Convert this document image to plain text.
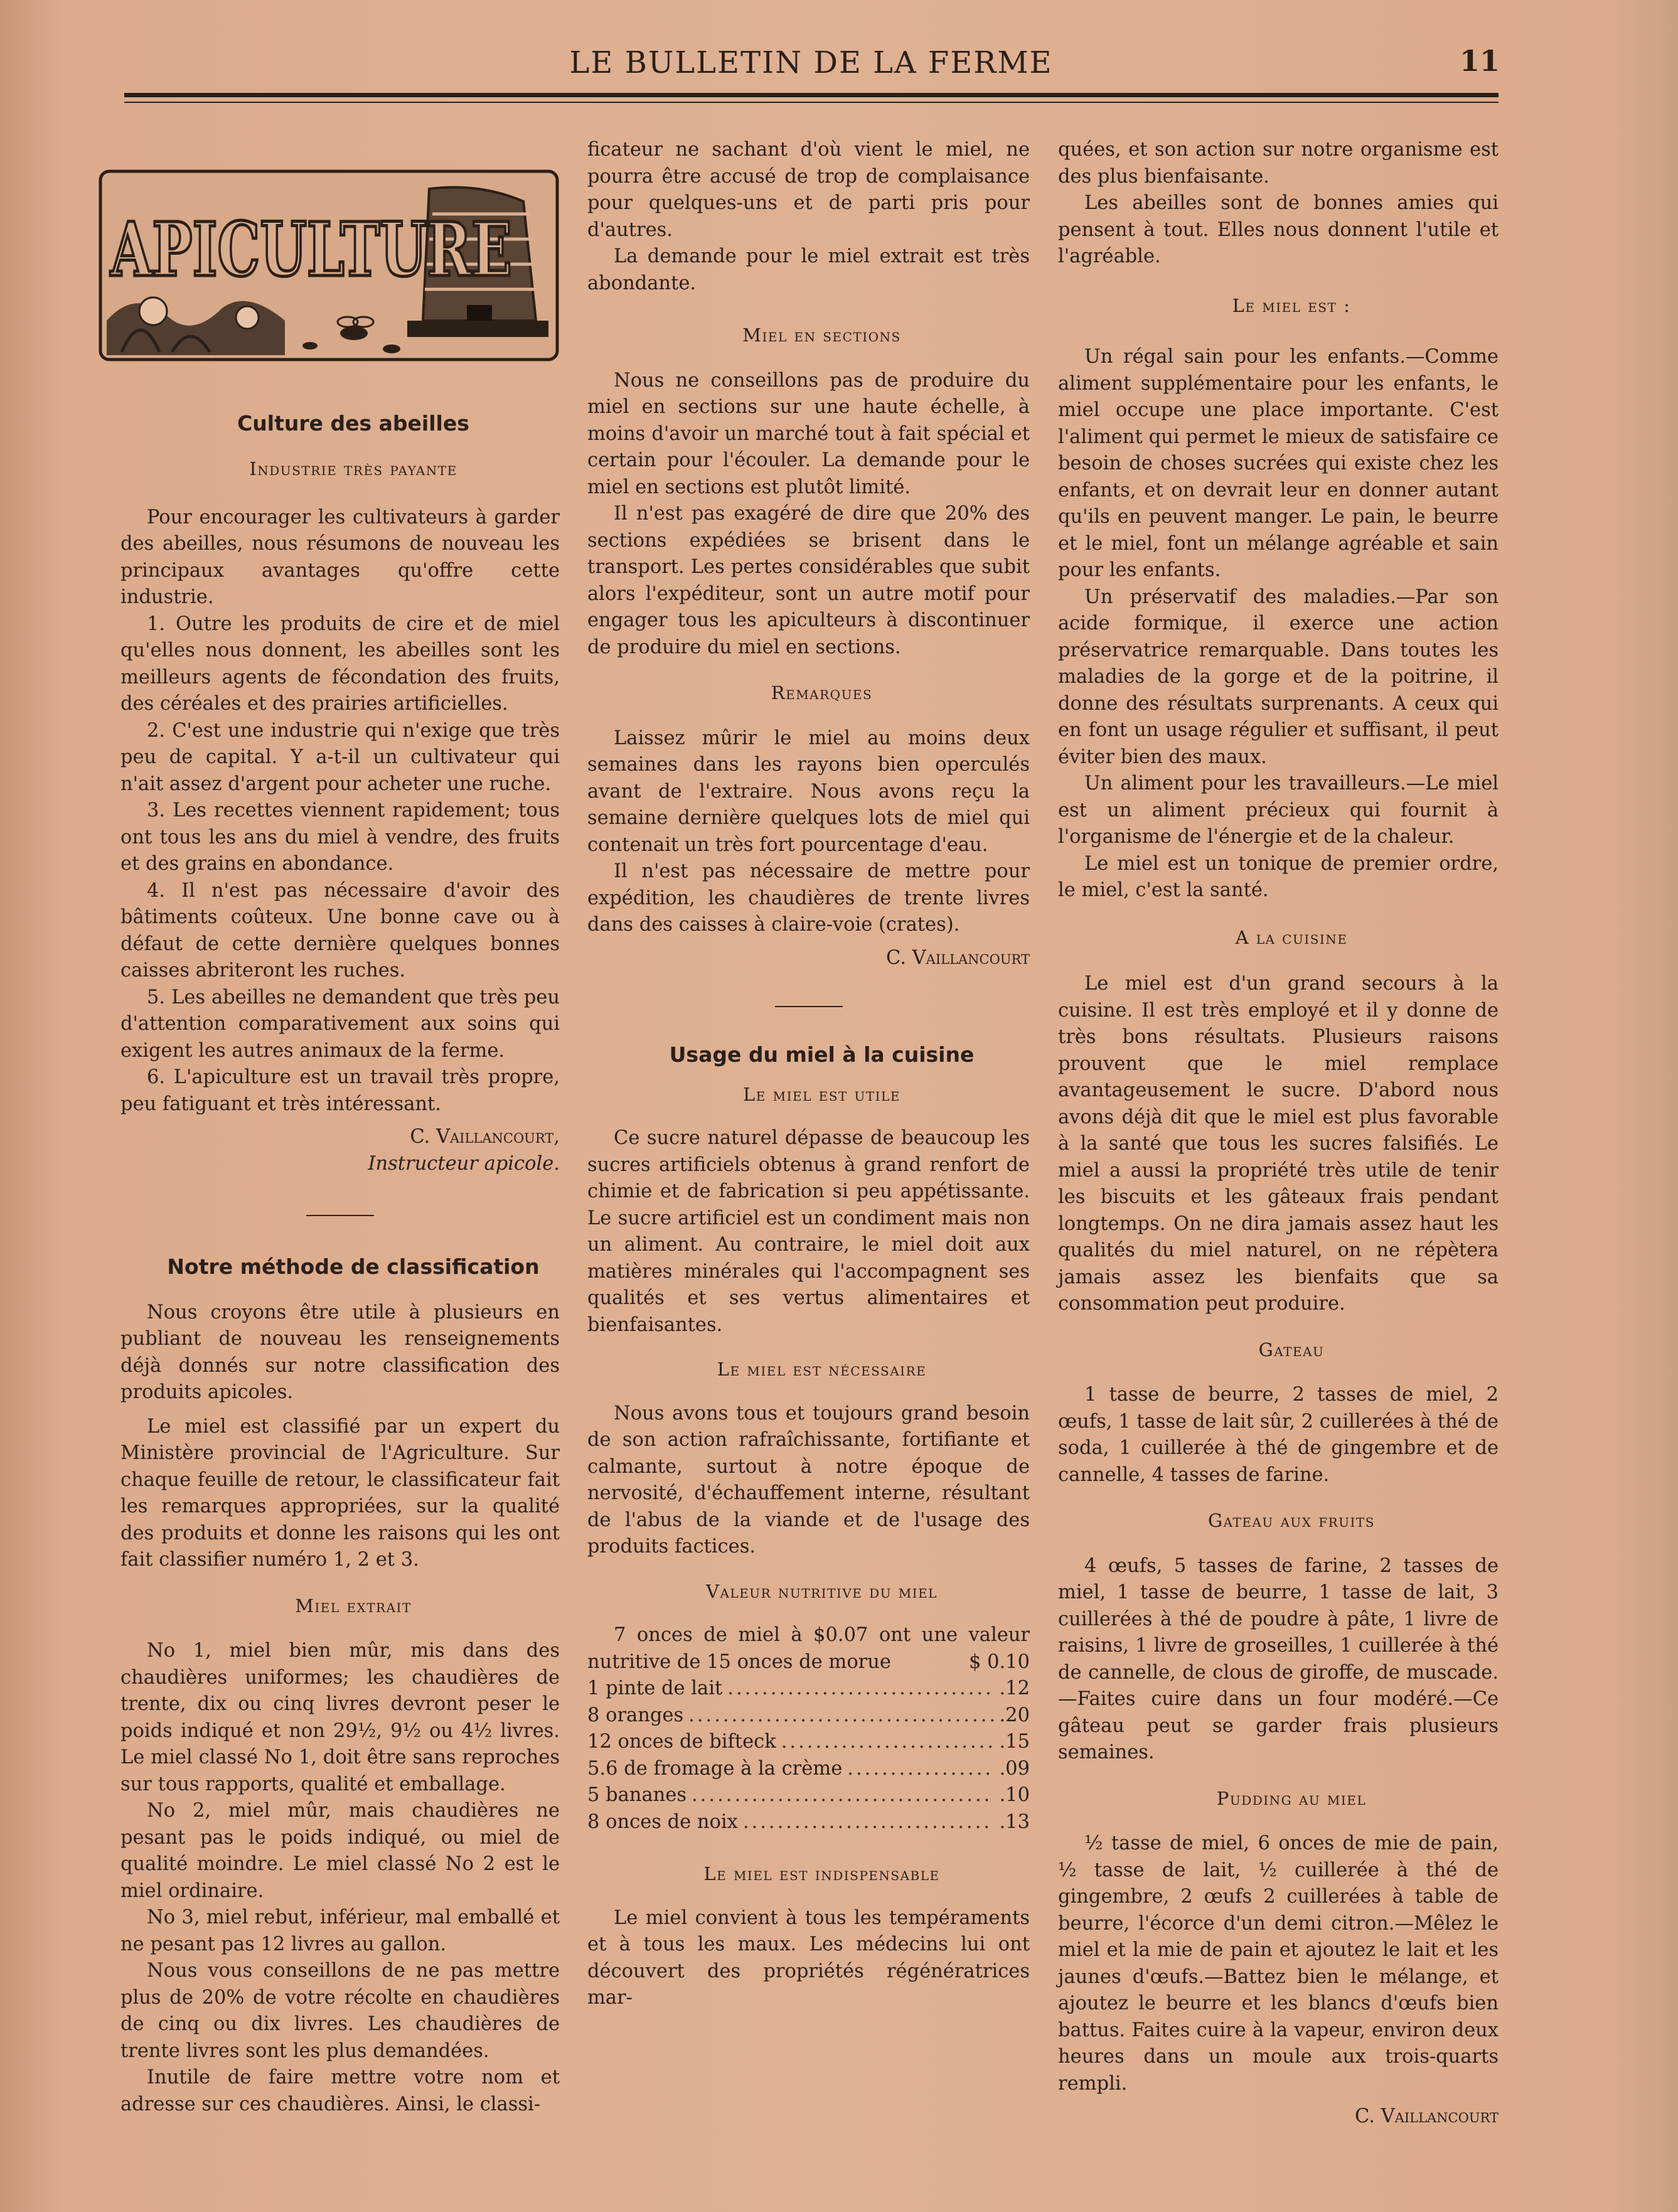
LE BULLETIN DE LA FERME	11
APICULTURE

Culture des abeilles

Industrie très payante

Pour encourager les cultivateurs à garder des abeilles, nous résumons de nouveau les principaux avantages qu'offre cette industrie.

1. Outre les produits de cire et de miel qu'elles nous donnent, les abeilles sont les meilleurs agents de fécondation des fruits, des céréales et des prairies artificielles.

2. C'est une industrie qui n'exige que très peu de capital. Y a-t-il un cultivateur qui n'ait assez d'argent pour acheter une ruche.

3. Les recettes viennent rapidement; tous ont tous les ans du miel à vendre, des fruits et des grains en abondance.

4. Il n'est pas nécessaire d'avoir des bâtiments coûteux. Une bonne cave ou à défaut de cette dernière quelques bonnes caisses abriteront les ruches.

5. Les abeilles ne demandent que très peu d'attention comparativement aux soins qui exigent les autres animaux de la ferme.

6. L'apiculture est un travail très propre, peu fatiguant et très intéressant.

C. Vaillancourt,

Instructeur apicole.

Notre méthode de classification

Nous croyons être utile à plusieurs en publiant de nouveau les renseignements déjà donnés sur notre classification des produits apicoles.

Le miel est classifié par un expert du Ministère provincial de l'Agriculture. Sur chaque feuille de retour, le classificateur fait les remarques appropriées, sur la qualité des produits et donne les raisons qui les ont fait classifier numéro 1, 2 et 3.

Miel extrait

No 1, miel bien mûr, mis dans des chaudières uniformes; les chaudières de trente, dix ou cinq livres devront peser le poids indiqué et non 29½, 9½ ou 4½ livres. Le miel classé No 1, doit être sans reproches sur tous rapports, qualité et emballage.

No 2, miel mûr, mais chaudières ne pesant pas le poids indiqué, ou miel de qualité moindre. Le miel classé No 2 est le miel ordinaire.

No 3, miel rebut, inférieur, mal emballé et ne pesant pas 12 livres au gallon.

Nous vous conseillons de ne pas mettre plus de 20% de votre récolte en chaudières de cinq ou dix livres. Les chaudières de trente livres sont les plus demandées.

Inutile de faire mettre votre nom et adresse sur ces chaudières. Ainsi, le classi-

ficateur ne sachant d'où vient le miel, ne pourra être accusé de trop de complaisance pour quelques-uns et de parti pris pour d'autres.

La demande pour le miel extrait est très abondante.

Miel en sections

Nous ne conseillons pas de produire du miel en sections sur une haute échelle, à moins d'avoir un marché tout à fait spécial et certain pour l'écouler. La demande pour le miel en sections est plutôt limité.

Il n'est pas exagéré de dire que 20% des sections expédiées se brisent dans le transport. Les pertes considérables que subit alors l'expéditeur, sont un autre motif pour engager tous les apiculteurs à discontinuer de produire du miel en sections.

Remarques

Laissez mûrir le miel au moins deux semaines dans les rayons bien operculés avant de l'extraire. Nous avons reçu la semaine dernière quelques lots de miel qui contenait un très fort pourcentage d'eau.

Il n'est pas nécessaire de mettre pour expédition, les chaudières de trente livres dans des caisses à claire-voie (crates).

C. Vaillancourt

Usage du miel à la cuisine

Le miel est utile

Ce sucre naturel dépasse de beaucoup les sucres artificiels obtenus à grand renfort de chimie et de fabrication si peu appétissante. Le sucre artificiel est un condiment mais non un aliment. Au contraire, le miel doit aux matières minérales qui l'accompagnent ses qualités et ses vertus alimentaires et bienfaisantes.

Le miel est nécessaire

Nous avons tous et toujours grand besoin de son action rafraîchissante, fortifiante et calmante, surtout à notre époque de nervosité, d'échauffement interne, résultant de l'abus de la viande et de l'usage des produits factices.

Valeur nutritive du miel

7 onces de miel à $0.07 ont une valeur nutritive de 15 onces de morue	$ 0.10
1 pinte de lait .....	.12
8 oranges .....	.20
12 onces de bifteck .....	.15
5.6 de fromage à la crème .....	.09
5 bananes .....	.10
8 onces de noix .....	.13

Le miel est indispensable

Le miel convient à tous les tempéraments et à tous les maux. Les médecins lui ont découvert des propriétés régénératrices mar-

quées, et son action sur notre organisme est des plus bienfaisante.

Les abeilles sont de bonnes amies qui pensent à tout. Elles nous donnent l'utile et l'agréable.

Le miel est :

Un régal sain pour les enfants.—Comme aliment supplémentaire pour les enfants, le miel occupe une place importante. C'est l'aliment qui permet le mieux de satisfaire ce besoin de choses sucrées qui existe chez les enfants, et on devrait leur en donner autant qu'ils en peuvent manger. Le pain, le beurre et le miel, font un mélange agréable et sain pour les enfants.

Un préservatif des maladies.—Par son acide formique, il exerce une action préservatrice remarquable. Dans toutes les maladies de la gorge et de la poitrine, il donne des résultats surprenants. A ceux qui en font un usage régulier et suffisant, il peut éviter bien des maux.

Un aliment pour les travailleurs.—Le miel est un aliment précieux qui fournit à l'organisme de l'énergie et de la chaleur.

Le miel est un tonique de premier ordre, le miel, c'est la santé.

A la cuisine

Le miel est d'un grand secours à la cuisine. Il est très employé et il y donne de très bons résultats. Plusieurs raisons prouvent que le miel remplace avantageusement le sucre. D'abord nous avons déjà dit que le miel est plus favorable à la santé que tous les sucres falsifiés. Le miel a aussi la propriété très utile de tenir les biscuits et les gâteaux frais pendant longtemps. On ne dira jamais assez haut les qualités du miel naturel, on ne répètera jamais assez les bienfaits que sa consommation peut produire.

Gateau

1 tasse de beurre, 2 tasses de miel, 2 œufs, 1 tasse de lait sûr, 2 cuillerées à thé de soda, 1 cuillerée à thé de gingembre et de cannelle, 4 tasses de farine.

Gateau aux fruits

4 œufs, 5 tasses de farine, 2 tasses de miel, 1 tasse de beurre, 1 tasse de lait, 3 cuillerées à thé de poudre à pâte, 1 livre de raisins, 1 livre de groseilles, 1 cuillerée à thé de cannelle, de clous de giroffe, de muscade.—Faites cuire dans un four modéré.—Ce gâteau peut se garder frais plusieurs semaines.

Pudding au miel

½ tasse de miel, 6 onces de mie de pain, ½ tasse de lait, ½ cuillerée à thé de gingembre, 2 œufs 2 cuillerées à table de beurre, l'écorce d'un demi citron.—Mêlez le miel et la mie de pain et ajoutez le lait et les jaunes d'œufs.—Battez bien le mélange, et ajoutez le beurre et les blancs d'œufs bien battus. Faites cuire à la vapeur, environ deux heures dans un moule aux trois-quarts rempli.

C. Vaillancourt
